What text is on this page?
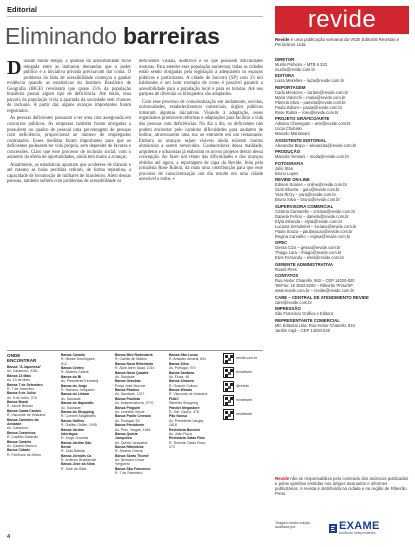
Editorial
Eliminando barreiras

Durante muito tempo, a questão da acessibilidade ficou relegada entre as inúmeras demandas que o poder público e a iniciativa privada precisavam dar conta. O problema da falta de acessibilidade começou a ganhar evidência quando as estatísticas do Instituto Brasileiro de Geografia (IBGE) revelaram que quase 25% da população brasileira possui algum tipo de deficiência. Até então, essa parcela da população vivia à apartada da sociedade sem chances de inclusão. A partir daí, alguns avanços importantes foram registrados.

As pessoas deficientes passaram a ter uma cota assegurada em concursos públicos. As empresas também foram obrigadas a possuírem no quadro de pessoal uma porcentagem de pessoas com deficiência, proporcional ao número de empregados contratados. Esses medidas foram importantes para que os deficientes pudessem ter vida própria, sem depender de favores e concessões. Claro que esse processo de inclusão social, com o aumento da oferta de oportunidades, ainda tem muito a avançar.

Atualmente, as estatísticas apontam que acidentes de trânsito e até mesmo as balas perdidas retiram, de forma repentina, a capacidade de locomoção de milhares de brasileiros. Além dessas pessoas, também sofrem com problemas de acessibilidade os

deficientes visuais, auditivos e os que possuem dificuldades motoras. Para atender essa população numerosa, todas as cidades estão sendo obrigadas pela legislação a adequarem os espaços públicos e particulares. A cidade de Socorro (SP) com 33 mil habitantes é um bom exemplo de como é possível garantir a acessibilidade para a população local e para os turistas. Até nos parques de diversão os brinquedos são adaptados.

Com esse processo de conscientização em andamento, escolas, universidades, estabelecimentos comerciais, órgãos públicos tomaram algumas iniciativas. Visando à adaptação, esses organismos promovem reformas e adaptações para facilitar a vida das pessoas com deficiências. No dia a dia, os deficientes não podem encontrar pelo caminho dificuldades para andarem de ônibus, atravessarem uma rua ou entrarem em um restaurante. Embora os avanços sejam visíveis ainda existem muitos obstáculos a serem removidos. Conhecedores dessa realidade, arquitetos e urbanistas já elaboram os novos projetos dentro dessa concepção. Ao fazer um relato das dificuldades e dos avanços obtidos até agora, a reportagem de capa da Revide, feita pela jornalista Rose Rubini, dá mais uma contribuição para que esse processo de conscientização um dia resulte em uma cidade acessível a todos. ▪

ONDE ENCONTRAR
Banca "A Japonesa"
Av. Caramuru, 2181
Banca 13 Mais
Av. 13 de Maio
Banca 7 de Setembro
R. 7 de Setembro
Banca 9 de Julho
Av. 9 de Julho, 378
Banca Brasil
R. Jacob Bertoni
Banca Canta Cantos
R. Visconde de Inhaúma
Banca Caminho da Amizade
Av. Caramuru
Banca Cravinhos
R. Capitão Salomão
Banca Castelo
Av. Castelo Branco
Banca Cidade
R. Florêncio de Abreu
Banca Cavalio
R. Nestor Domingues, 812
Banca Centro
R. Álvares Cabral
Banca do Bi
Av. Presidente Kennedy
Banca do Jorge
R. Mariana Junqueira
Banca do Lisboa
Av. Saudade
Banca do Napoleão
Av. Saudade
Banca do Shopping
R. Coronel Magalhães
Banca Galileu
R. Galileu Galilei, 1005
Banca Jardim Interlagos
R. Jorge Gouveia
Banca Jardim São Bento
R. João Batista
Banca Jornalis Ca
R. Américo Brasiliense
Banca José da Silva
R. José da Silva
Banca Mini Rodoviária
R. Camilo de Mattos
Banca Nova Ribeirânia
R. Alice Além Saad, 1010
Banca Nova Quadra
Av. Saudade
Banca Oracilda
Praça José Morone
Banca Paraíso
Av. Saudade, 1227
Banca Paulista
Av. Independência, 3770
Banca Pinguim
Av. Leonildo Veloni
Banca Ponto Cerrado
Av. Portugal, 63
Banca Presidente
Av. Pres. Vargas, 1446
Banca Quinta Junqueira
Av. Quinto Junqueira
Banca Ribeirânia
R. Álvares Cabral
Banca Santo Thomé
Av. Senador César Vergueiro
Banca São Francisco
R. 7 de Setembro
Banca São Lucas
R. Amadeu Amaral, 694
Banca Silva
Av. Portugal, 974
Banca Santana
Av. Fiúza, 48
Banca Sinanen
R. Grande Cultura
Banca Woods
R. Visconde de Inhaúma
FNAC
Ribeirão Shopping
Pandor Megastore
R. Gal. Osório, 376
Pão Nossa
Av. Presidente Vargas, 1818
Revistaria Bonomi
Av. João Fiúza
Revistaria Catas Rios
R. Tenente Catão Roxo, 274
revide.com.br
revideweb
@revide
revideweb
revideweb
4
revide
Revide é uma publicação semanal da VIDE Editorial Revistas e Periódicos Ltda.
DIRETOR
Murilo Pinheiro – MTB 6.333
murilo@revide.com.br
EDITORA
Luiza Meirelles – luiza@revide.com.br
REPORTAGEM
Carla Menezes – carlam@revide.com.br
Maria Vidocchi – maria@revide.com.br
Pâmela Silva – pamela@revide.com.br
Paula Zuliani – paula@revide.com.br
Rose Rubini – rose@revide.com.br
PROJETO GRÁFICO/ARTE
Adriano Chiaregato – arte@revide.com.br
Lúcia Chubiski
Marcelo Mantovani
ASSISTENTE EDITORIAL
Alexandra Bispo – alexandra@revide.com.br
PRODUÇÃO
Marcela Versiani – moda@revide.com.br
FOTOGRAFIA
Julio Stan
Bruno Lopes
REVIDE ON-LINE
Edinesi Soares – online@revide.com.br
Gutti Silveira – guto@revide.com.br
Yara Rizzy – yara@revide.com.br
Bruno Silva – bruno@revide.com.br
SUPERVISORA COMERCIAL
Cristina Cantarella – cristina@revide.com.br
Daniela Felício – daniela@revide.com.br
Elyta Miranda – elyta@revide.com.br
Luciana Semoleiret – luciana@revide.com.br
Paula Souza – paulasouza@revide.com.br
Regina Carvalho – regina@revide.com.br
OPEC
Gessa Cizo – gessa@revide.com.br
Thiago Lara – thiago@revide.com.br
Elvis Fernando – elvis@revide.com.br
GERENTE ADMINISTRATIVA
Roseli Pires
CONTATOS
Rua Heitor Chiarello, 882 – CEP 14020-520
Tel/Fax: 16 3602.5200 – Ribeirão Preto/SP
www.revide.com.br – revide@revide.com.br
CARE – CENTRAL DE ATENDIMENTO REVIDE
care@revide.com.br
IMPRESSÃO
São Francisco Gráfica e Editora
REPRESENTANTE COMERCIAL
Mtc Editorial Ltda. Rua Heitor Chiarello, 844
Jardim Irajá – CEP 14020-520
Revide não se responsabiliza pelo conteúdo dos anúncios publicados e pelas opiniões emitidas nos artigos assinados e informes publicitários. A revista é distribuída na cidade e na região de Ribeirão Preto.
Tiragem desta edição auditada por:	EXAME
Auditores Independentes
